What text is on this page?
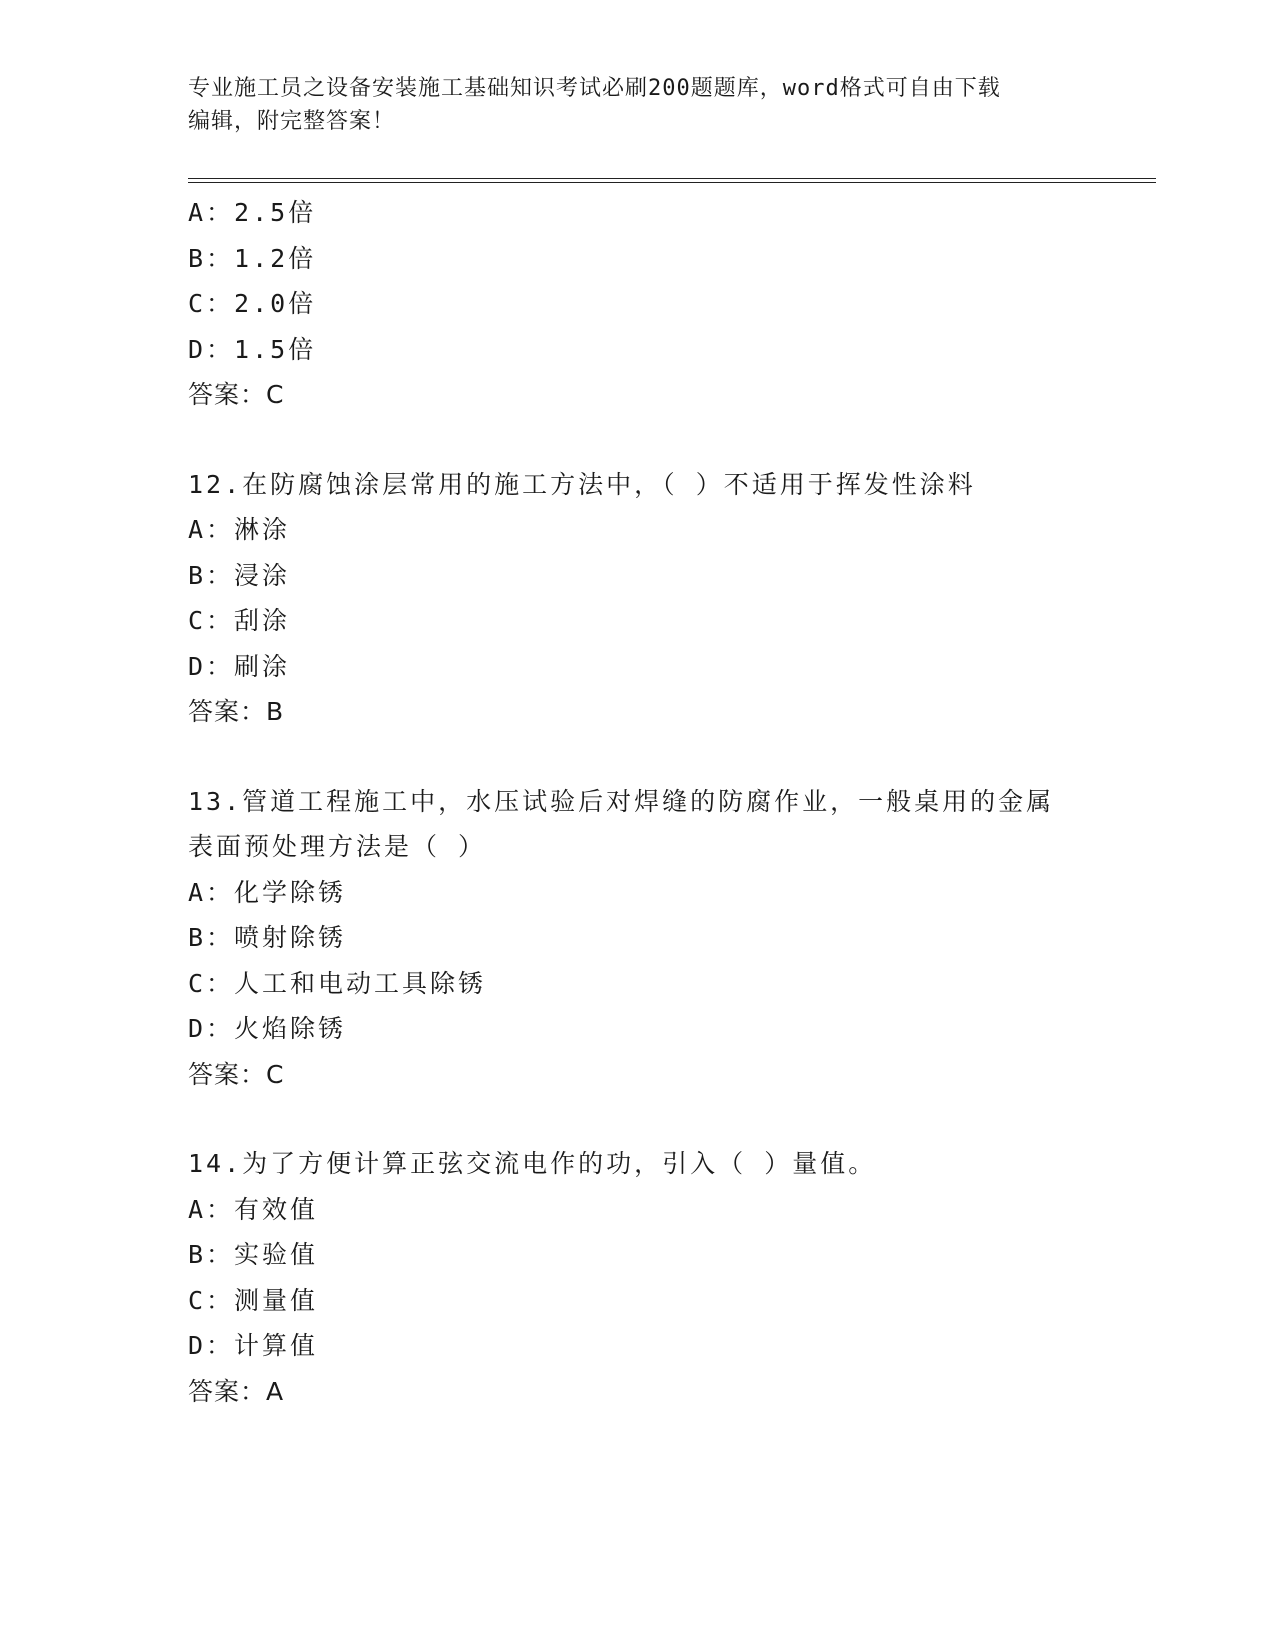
专业施工员之设备安装施工基础知识考试必刷200题题库，word格式可自由下载
编辑，附完整答案！
A：2.5倍
B：1.2倍
C：2.0倍
D：1.5倍
答案：C
12.在防腐蚀涂层常用的施工方法中，（ ）不适用于挥发性涂料
A：淋涂
B：浸涂
C：刮涂
D：刷涂
答案：B
13.管道工程施工中，水压试验后对焊缝的防腐作业，一般桌用的金属
表面预处理方法是（ ）
A：化学除锈
B：喷射除锈
C：人工和电动工具除锈
D：火焰除锈
答案：C
14.为了方便计算正弦交流电作的功，引入（ ）量值。
A：有效值
B：实验值
C：测量值
D：计算值
答案：A
